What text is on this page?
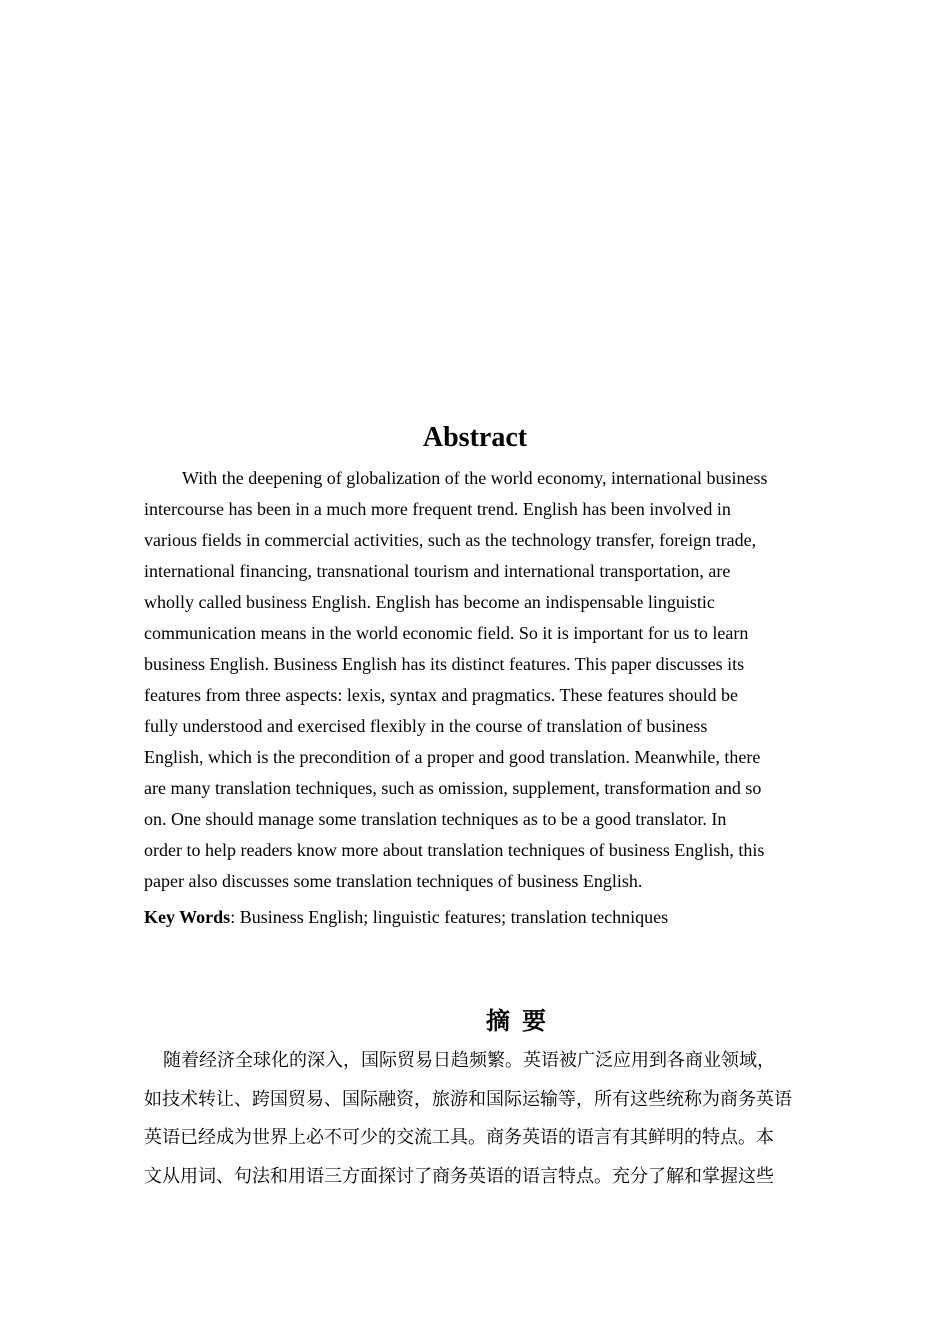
Abstract
With the deepening of globalization of the world economy, international business
intercourse has been in a much more frequent trend. English has been involved in
various fields in commercial activities, such as the technology transfer, foreign trade,
international financing, transnational tourism and international transportation, are
wholly called business English. English has become an indispensable linguistic
communication means in the world economic field. So it is important for us to learn
business English. Business English has its distinct features. This paper discusses its
features from three aspects: lexis, syntax and pragmatics. These features should be
fully understood and exercised flexibly in the course of translation of business
English, which is the precondition of a proper and good translation. Meanwhile, there
are many translation techniques, such as omission, supplement, transformation and so
on. One should manage some translation techniques as to be a good translator. In
order to help readers know more about translation techniques of business English, this
paper also discusses some translation techniques of business English.
Key Words: Business English; linguistic features; translation techniques
摘要
随着经济全球化的深入，国际贸易日趋频繁。英语被广泛应用到各商业领域，
如技术转让、跨国贸易、国际融资，旅游和国际运输等，所有这些统称为商务英语
英语已经成为世界上必不可少的交流工具。商务英语的语言有其鲜明的特点。本
文从用词、句法和用语三方面探讨了商务英语的语言特点。充分了解和掌握这些
